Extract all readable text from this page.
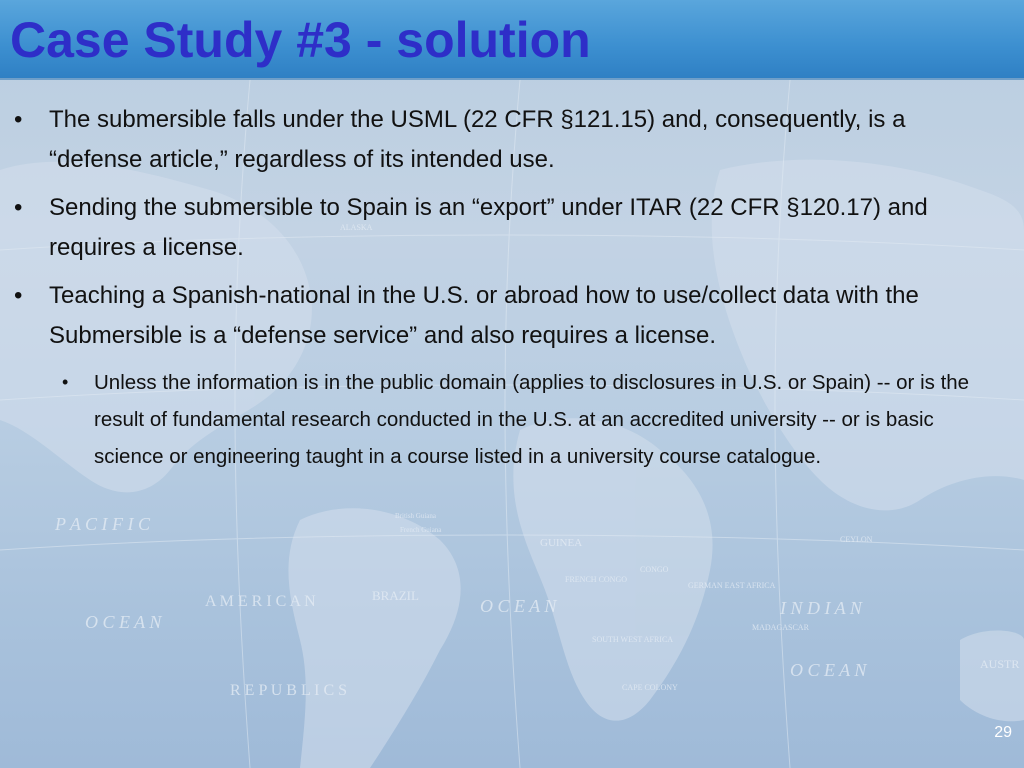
P A C I F I C
A M E R I C A N	BRAZIL
O C E A N
R E P U B L I C S
O C E A N	I N D I A N
O C E A N	AUSTR
GUINEA
FRENCH CONGO
CONGO
GERMAN EAST AFRICA
MADAGASCAR
CEYLON
SOUTH WEST AFRICA
CAPE COLONY
ALASKA
British Guiana
French Guiana
Case Study #3 - solution
• The submersible falls under the USML (22 CFR §121.15) and, consequently, is a “defense article,” regardless of its intended use.
• Sending the submersible to Spain is an “export” under ITAR (22 CFR §120.17) and requires a license.
• Teaching a Spanish-national in the U.S. or abroad how to use/collect data with the Submersible is a “defense service” and also requires a license.
• Unless the information is in the public domain (applies to disclosures in U.S. or Spain) -- or is the result of fundamental research conducted in the U.S. at an accredited university -- or is basic science or engineering taught in a course listed in a university course catalogue.
29
